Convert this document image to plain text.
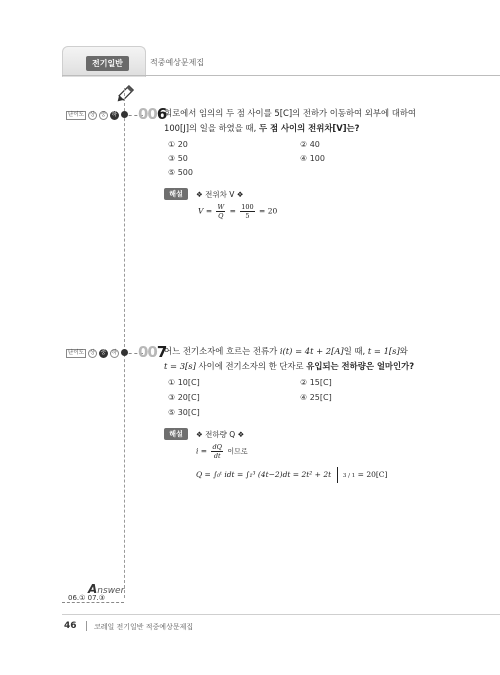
전기일반	적중예상문제집
난이도	상	중	하 006
회로에서 임의의 두 점 사이를 5[C]의 전하가 이동하여 외부에 대하여
100[J]의 일을 하였을 때, 두 점 사이의 전위차[V]는?
① 20	② 40
③ 50	④ 100
⑤ 500
해설	❖ 전위차 V ❖
$V = \frac{W}{Q} = \frac{100}{5} = 20$
난이도	상	중	하 007
어느 전기소자에 흐르는 전류가 i(t) = 4t + 2[A]일 때, t = 1[s]와
t = 3[s] 사이에 전기소자의 한 단자로 유입되는 전하량은 얼마인가?
① 10[C]	② 15[C]
③ 20[C]	④ 25[C]
⑤ 30[C]
해설	❖ 전하량 Q ❖
$i = \frac{dQ}{dt}$ 이므로
Q = ∫₀ᵗ idt = ∫₁³ (4t−2)dt = 2t² + 2t 3 / 1 = 20[C]
Answer
06.① 07.③
46 코레일 전기일반 적중예상문제집
